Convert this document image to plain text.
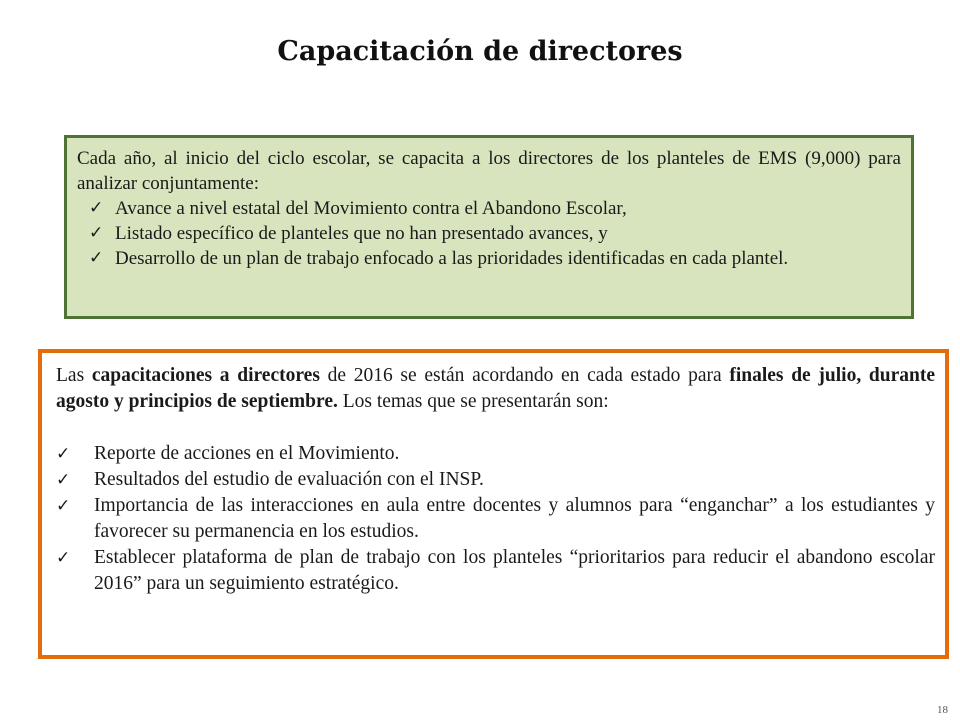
Capacitación de directores

Cada año, al inicio del ciclo escolar, se capacita a los directores de los planteles de EMS (9,000) para analizar conjuntamente:

✓ Avance a nivel estatal del Movimiento contra el Abandono Escolar,
✓ Listado específico de planteles que no han presentado avances, y
✓ Desarrollo de un plan de trabajo enfocado a las prioridades identificadas en cada plantel.

Las capacitaciones a directores de 2016 se están acordando en cada estado para finales de julio, durante agosto y principios de septiembre. Los temas que se presentarán son:

✓ Reporte de acciones en el Movimiento.
✓ Resultados del estudio de evaluación con el INSP.
✓ Importancia de las interacciones en aula entre docentes y alumnos para “enganchar” a los estudiantes y favorecer su permanencia en los estudios.
✓ Establecer plataforma de plan de trabajo con los planteles “prioritarios para reducir el abandono escolar 2016” para un seguimiento estratégico.
18
